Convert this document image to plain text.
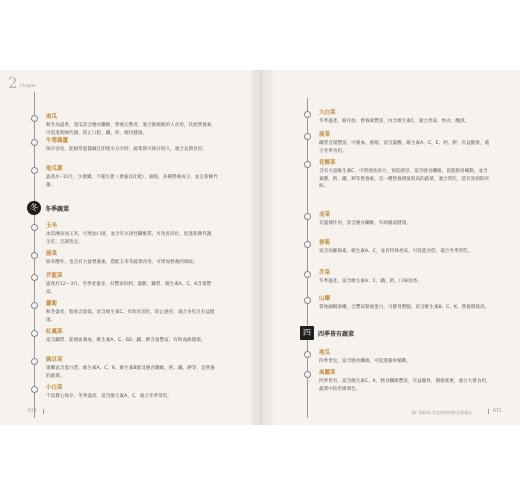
2 Chapter
南瓜
秋冬為盛季，蓬瓜富含膳食纖維，營養完整者，適合做便秘的人食用，其他營養素，可促進新陳代謝，防止口腔、鐵、鋅、維持健康。
牛蒡蔬蘆
保存容易，能耐常溫儲藏且即使水分少時，蔬菜即可保存很久，適合長期食用。
地瓜葉
盛產4～11月，少農藥，不施生肥（會施以化肥），耐熱、多種營養成分，並且新陳代謝。
冬	冬季蔬菜
玉米
冰淇淋添加玉米，可增加口感，並含有水溶性纖維質，可改善消化，促進新陳代謝，生吃、烹調皆宜。
菠菜
除芥酸外，也含有大量營養素，搭配玉米等蔬菜食用，可增加營養的吸收。
芥藍菜
盛產於12～3月，冬季產量多，有豐富的鈣、葉酸、鐵質，維生素A、C、K含量豐富。
蘿蔔
秋冬盛產，脂肪含量低，富含維生素C，有助於消化，防止感冒，適合多吃且有益健康。
紅鳳菜
富含鐵質，能補血養血，維生素A、C、B2、鐵、鉀含量豐富，有助血液循環。
豌豆苗
柔嫩富含蛋白質，維生素A、C、K、維生素B群及膳食纖維、鈣、鐵、鉀等，是營養的蔬菜。
小白菜
不需費心保存，冬季盛產，富含維生素A、C，適合冬季常吃。
070
大白菜
冬季盛產，耐存放，營養素豐富，內含維生素C，適合煮湯、炒食、醃漬。
菠菜
鐵質含量豐富，可補血、養顏，富含葉酸，維生素A、C、E、鈣、鉀，有益健康，適合冬季食用。
花椰菜
含有大量維生素C，可增強免疫力，預防感冒，富含膳食纖維，促進腸胃蠕動，並含葉酸、鈣、鐵、鉀等營養素，是一種營養價值很高的蔬菜，適合常吃，能有效預防疾病。
韭菜
有溫補作用，富含膳食纖維，有助腸道健康。
春菊
富含胡蘿蔔素，維生素A、C，並有特殊香氣，可促進食慾，適合冬季常吃。
芥菜
冬季盛產，富含維生素A、C，鐵、鈣，口味清香。
山藥
質地細緻滑嫩，含豐富黏液蛋白，可健胃整腸，富含維生素B、C、K，營養價值高。
四	四季皆有蔬菜
地瓜
四季皆宜，富含膳食纖維，可促進腸胃蠕動。
高麗菜
四季皆有，富含維生素C、K，膳食纖維豐富，有益腸胃，價格實惠，適合大眾食用，蔬菜中的常備菜色。
Dr. Sticks 常見疾病的飲食調養法	071
